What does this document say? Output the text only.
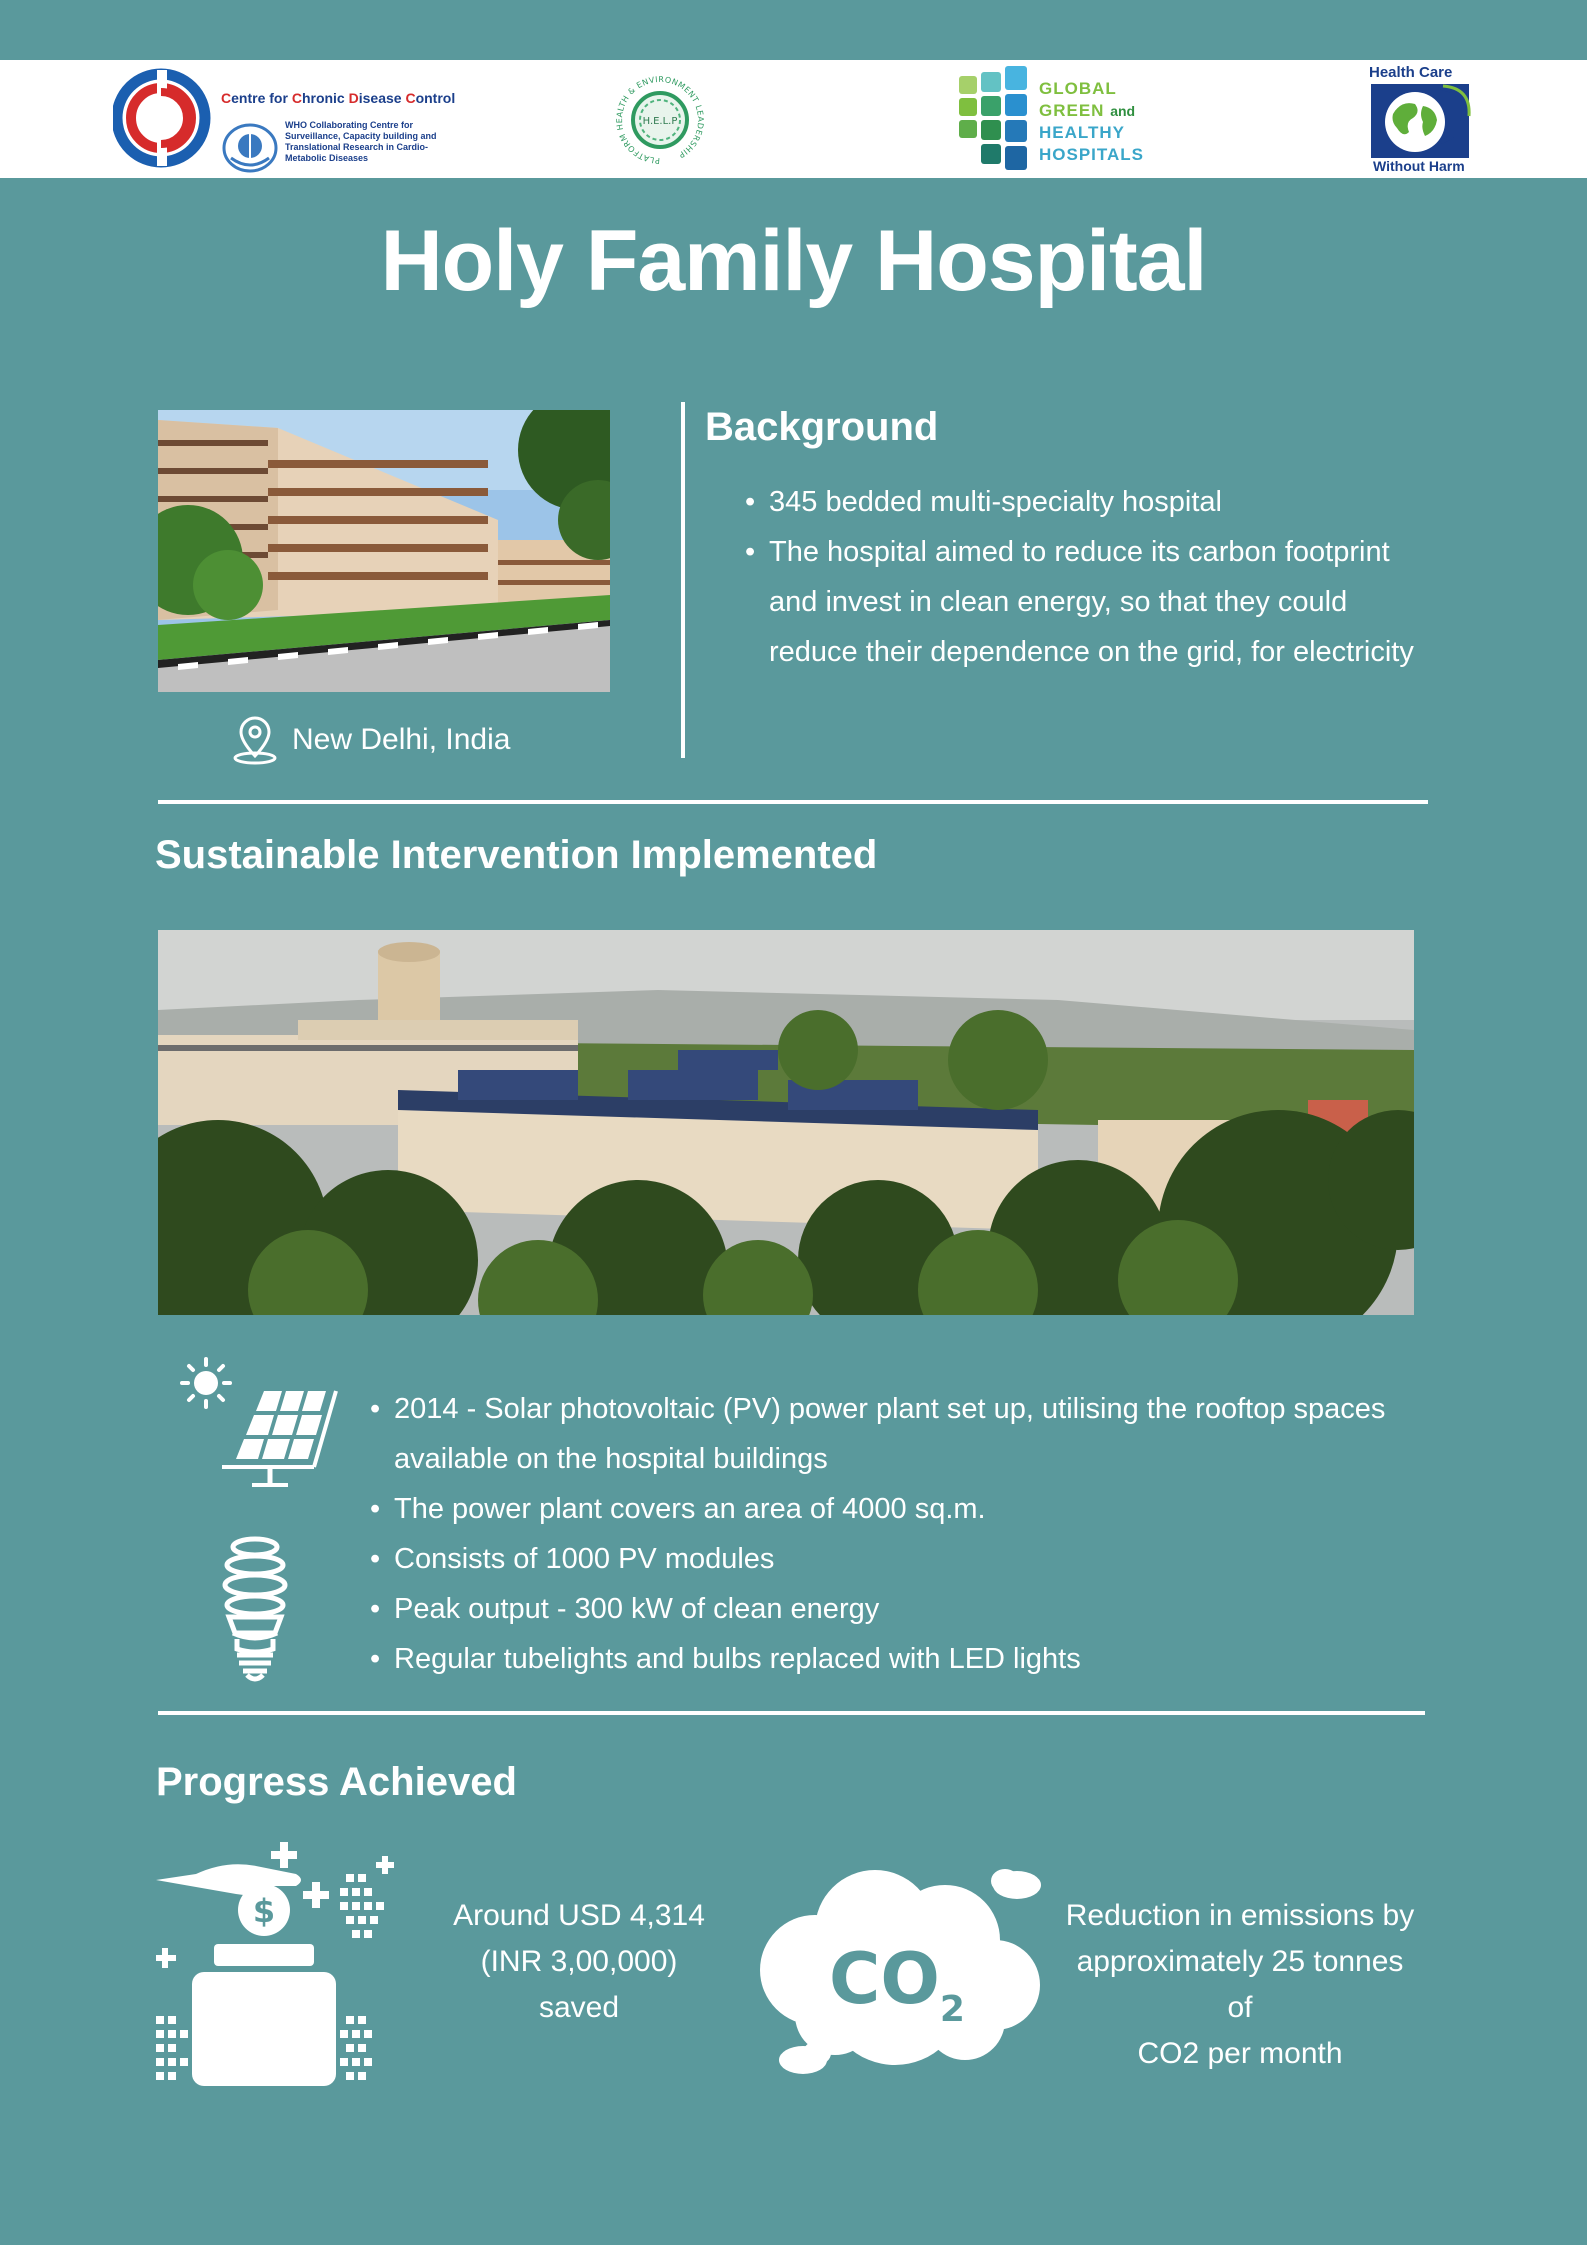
Centre for Chronic Disease Control
WHO Collaborating Centre for Surveillance, Capacity building and Translational Research in Cardio-Metabolic Diseases	PLATFORM HEALTH & ENVIRONMENT LEADERSHIP
H.E.L.P
GLOBAL
GREEN and
HEALTHY
HOSPITALS
Health Care
Without Harm
Holy Family Hospital
New Delhi, India
Background
• 345 bedded multi-specialty hospital
• The hospital aimed to reduce its carbon footprint and invest in clean energy, so that they could reduce their dependence on the grid, for electricity
Sustainable Intervention Implemented
• 2014 - Solar photovoltaic (PV) power plant set up, utilising the rooftop spaces available on the hospital buildings
• The power plant covers an area of 4000 sq.m.
• Consists of 1000 PV modules
• Peak output - 300 kW of clean energy
• Regular tubelights and bulbs replaced with LED lights
Progress Achieved
$	Around USD 4,314
(INR 3,00,000)
saved	$CO_2$
Reduction in emissions by
approximately 25 tonnes of
CO2 per month
